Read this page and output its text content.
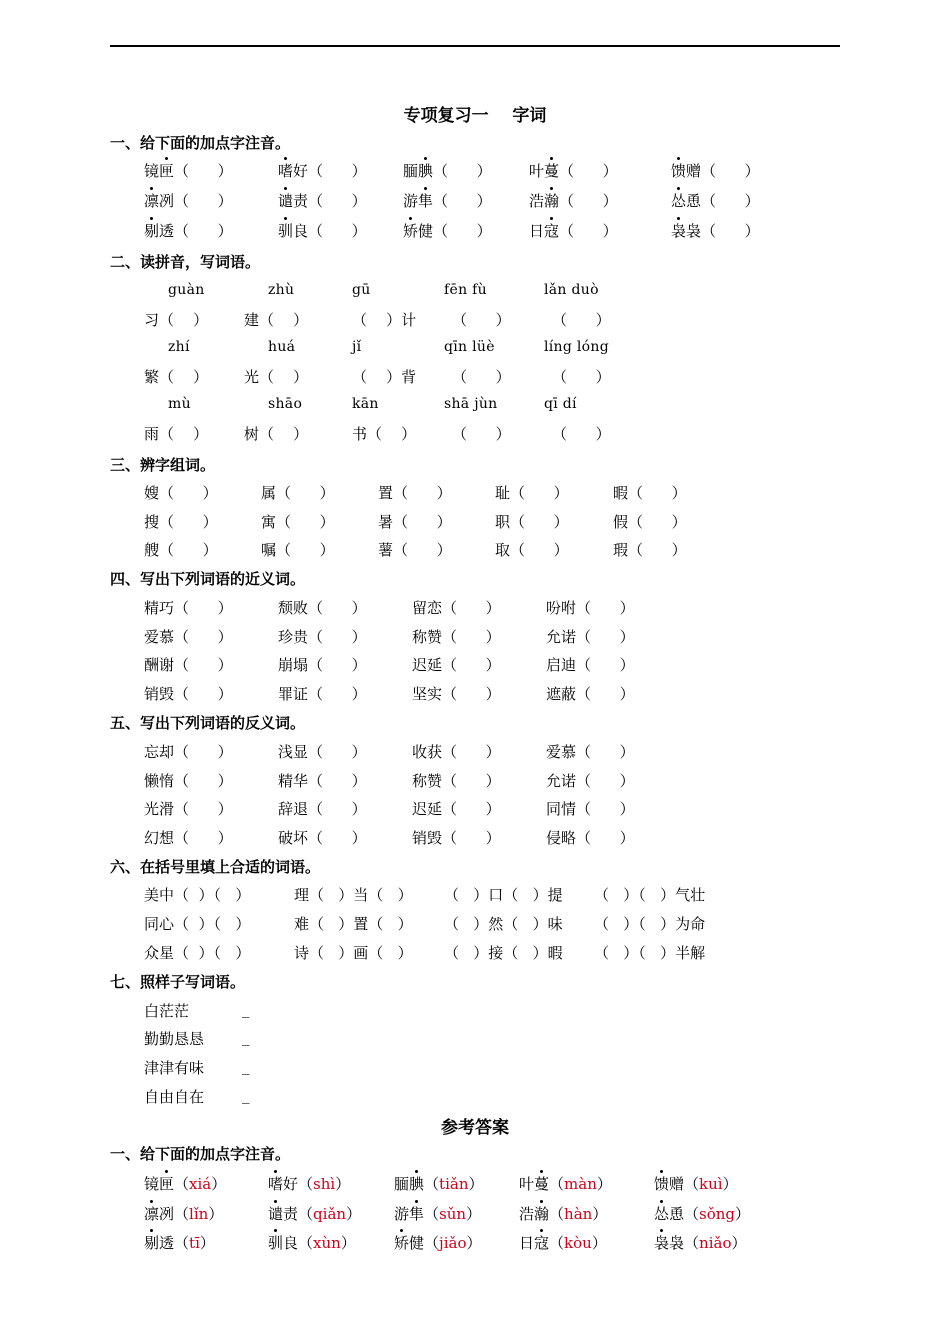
专项复习一    字词
一、给下面的加点字注音。
镜匣（      ）	嗜好（      ） 腼腆（      ） 叶蔓（      ）	馈赠（      ）
凛冽（      ）	谴责（      ） 游隼（      ） 浩瀚（      ）	怂恿（      ）
剔透（      ）	驯良（      ） 矫健（      ） 日寇（      ）	袅袅（      ）
二、读拼音，写词语。
guàn	zhù	gū	fēn fù	lǎn duò
习（    ） 建（    ）	（    ）计 （      ）	（      ）
zhí	huá	jǐ	qīn lüè	líng lóng
繁（    ） 光（    ）	（    ）背 （      ）	（      ）
mù	shāo	kān	shā jùn	qī dí
雨（    ） 树（    ）	书（    ） （      ）	（      ）
三、辨字组词。
嫂（      ）	属（      ）	置（      ）	耻（      ）	暇（      ）
搜（      ）	寓（      ）	暑（      ）	职（      ）	假（      ）
艘（      ）	嘱（      ）	薯（      ）	取（      ）	瑕（      ）
四、写出下列词语的近义词。
精巧（      ）	颓败（      ）	留恋（      ）	吩咐（      ）
爱慕（      ）	珍贵（      ）	称赞（      ）	允诺（      ）
酬谢（      ）	崩塌（      ）	迟延（      ）	启迪（      ）
销毁（      ）	罪证（      ）	坚实（      ）	遮蔽（      ）
五、写出下列词语的反义词。
忘却（      ）	浅显（      ）	收获（      ）	爱慕（      ）
懒惰（      ）	精华（      ）	称赞（      ）	允诺（      ）
光滑（      ）	辞退（      ）	迟延（      ）	同情（      ）
幻想（      ）	破坏（      ）	销毁（      ）	侵略（      ）
六、在括号里填上合适的词语。
美中（  ）（   ）	理（   ）当（   ） （   ）口（   ）提 （   ）（   ）气壮
同心（  ）（   ）	难（   ）置（   ） （   ）然（   ）味 （   ）（   ）为命
众星（  ）（   ）	诗（   ）画（   ） （   ）接（   ）暇 （   ）（   ）半解
七、照样子写词语。
白茫茫	_
勤勤恳恳	_
津津有味	_
自由自在	_
参考答案
一、给下面的加点字注音。
镜匣（xiá）	嗜好（shì）	腼腆（tiǎn） 叶蔓（màn）	馈赠（kuì）
凛冽（lǐn）	谴责（qiǎn） 游隼（sǔn）	浩瀚（hàn）	怂恿（sǒng）
剔透（tī）	驯良（xùn）	矫健（jiǎo）	日寇（kòu）	袅袅（niǎo）
